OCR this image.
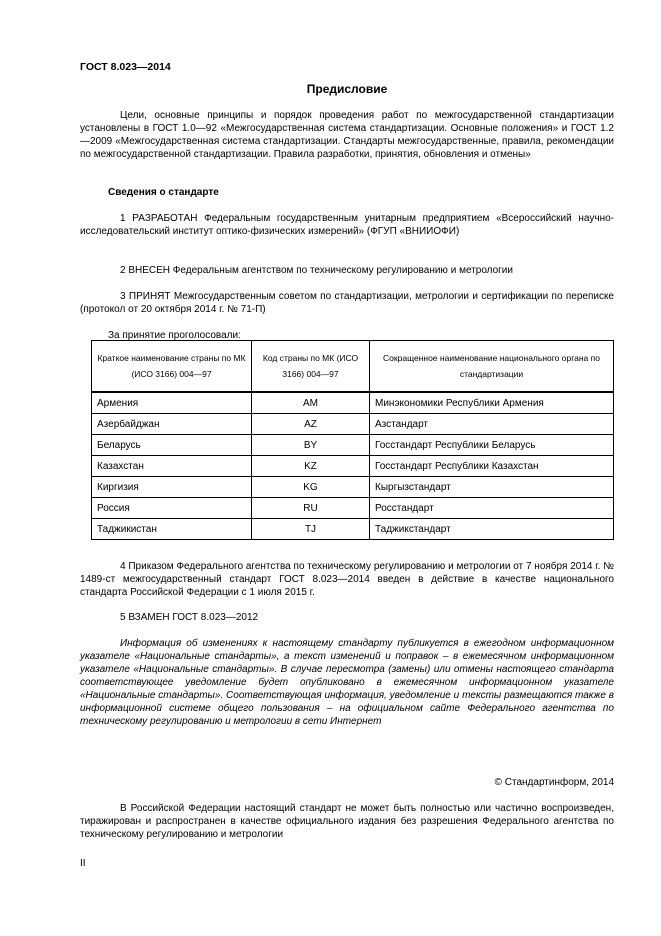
ГОСТ 8.023—2014
Предисловие
Цели, основные принципы и порядок проведения работ по межгосударственной стандартизации установлены в ГОСТ 1.0—92 «Межгосударственная система стандартизации. Основные положения» и ГОСТ 1.2—2009 «Межгосударственная система стандартизации. Стандарты межгосударственные, правила, рекомендации по межгосударственной стандартизации. Правила разработки, принятия, обновления и отмены»
Сведения о стандарте
1 РАЗРАБОТАН Федеральным государственным унитарным предприятием «Всероссийский научно-исследовательский институт оптико-физических измерений» (ФГУП «ВНИИОФИ)
2 ВНЕСЕН Федеральным агентством по техническому регулированию и метрологии
3 ПРИНЯТ Межгосударственным советом по стандартизации, метрологии и сертификации по переписке (протокол от 20 октября 2014 г. № 71-П)
За принятие проголосовали:
Краткое наименование страны по МК (ИСО 3166) 004—97	Код страны по МК (ИСО 3166) 004—97	Сокращенное наименование национального органа по стандартизации
Армения	AM	Минэкономики Республики Армения
Азербайджан	AZ	Азстандарт
Беларусь	BY	Госстандарт Республики Беларусь
Казахстан	KZ	Госстандарт Республики Казахстан
Киргизия	KG	Кыргызстандарт
Россия	RU	Росстандарт
Таджикистан	TJ	Таджикстандарт
4 Приказом Федерального агентства по техническому регулированию и метрологии от 7 ноября 2014 г. № 1489-ст межгосударственный стандарт ГОСТ 8.023—2014 введен в действие в качестве национального стандарта Российской Федерации с 1 июля 2015 г.
5 ВЗАМЕН ГОСТ 8.023—2012
Информация об изменениях к настоящему стандарту публикуется в ежегодном информационном указателе «Национальные стандарты», а текст изменений и поправок – в ежемесячном информационном указателе «Национальные стандарты». В случае пересмотра (замены) или отмены настоящего стандарта соответствующее уведомление будет опубликовано в ежемесячном информационном указателе «Национальные стандарты». Соответствующая информация, уведомление и тексты размещаются также в информационной системе общего пользования – на официальном сайте Федерального агентства по техническому регулированию и метрологии в сети Интернет
© Стандартинформ, 2014
В Российской Федерации настоящий стандарт не может быть полностью или частично воспроизведен, тиражирован и распространен в качестве официального издания без разрешения Федерального агентства по техническому регулированию и метрологии
II
